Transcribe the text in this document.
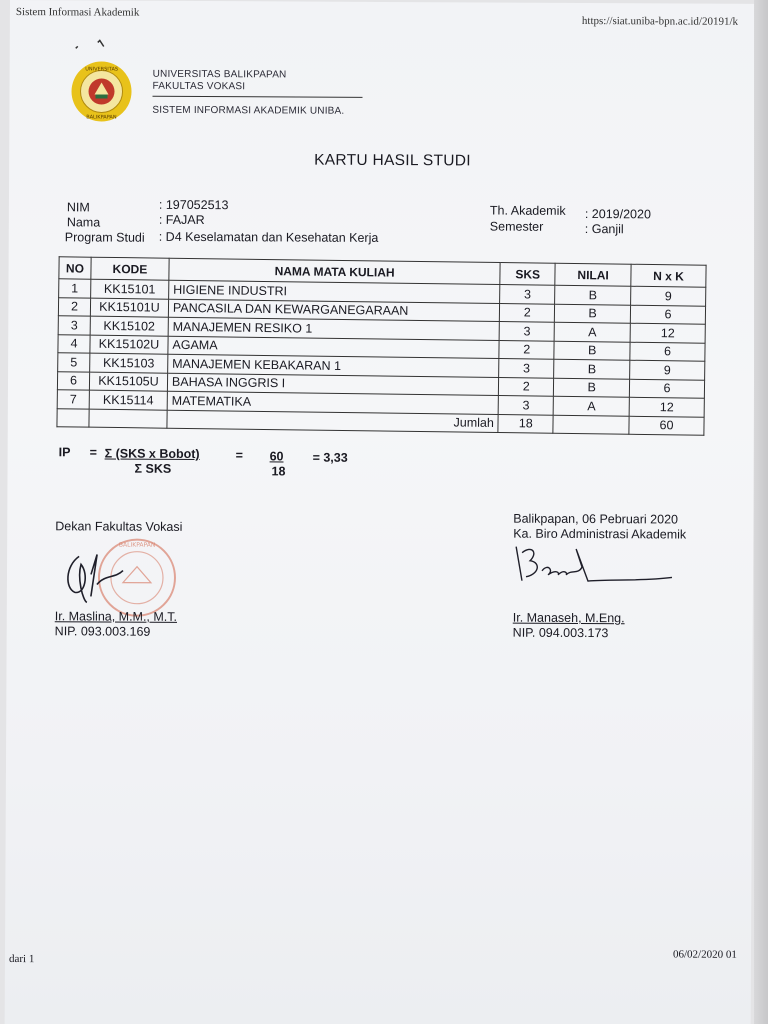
Sistem Informasi Akademik
https://siat.uniba-bpn.ac.id/20191/k
UNIVERSITAS
BALIKPAPAN
UNIVERSITAS BALIKPAPAN
FAKULTAS VOKASI
SISTEM INFORMASI AKADEMIK UNIBA.
KARTU HASIL STUDI
NIM	: 197052513
Nama	: FAJAR
Program Studi : D4 Keselamatan dan Kesehatan Kerja
Th. Akademik : 2019/2020
Semester	: Ganjil
NO	KODE	NAMA MATA KULIAH	SKS	NILAI	N x K
1	KK15101	HIGIENE INDUSTRI	3	B	9
2	KK15101U	PANCASILA DAN KEWARGANEGARAAN	2	B	6
3	KK15102	MANAJEMEN RESIKO 1	3	A	12
4	KK15102U	AGAMA	2	B	6
5	KK15103	MANAJEMEN KEBAKARAN 1	3	B	9
6	KK15105U	BAHASA INGGRIS I	2	B	6
7	KK15114	MATEMATIKA	3	A	12
		Jumlah	18		60
IP = Σ (SKS x Bobot)
Σ SKS
= 60
18
= 3,33
Dekan Fakultas Vokasi
BALIKPAPAN
Ir. Maslina, M.M., M.T.
NIP. 093.003.169
Balikpapan, 06 Pebruari 2020
Ka. Biro Administrasi Akademik
Ir. Manaseh, M.Eng.
NIP. 094.003.173
dari 1	06/02/2020 01
